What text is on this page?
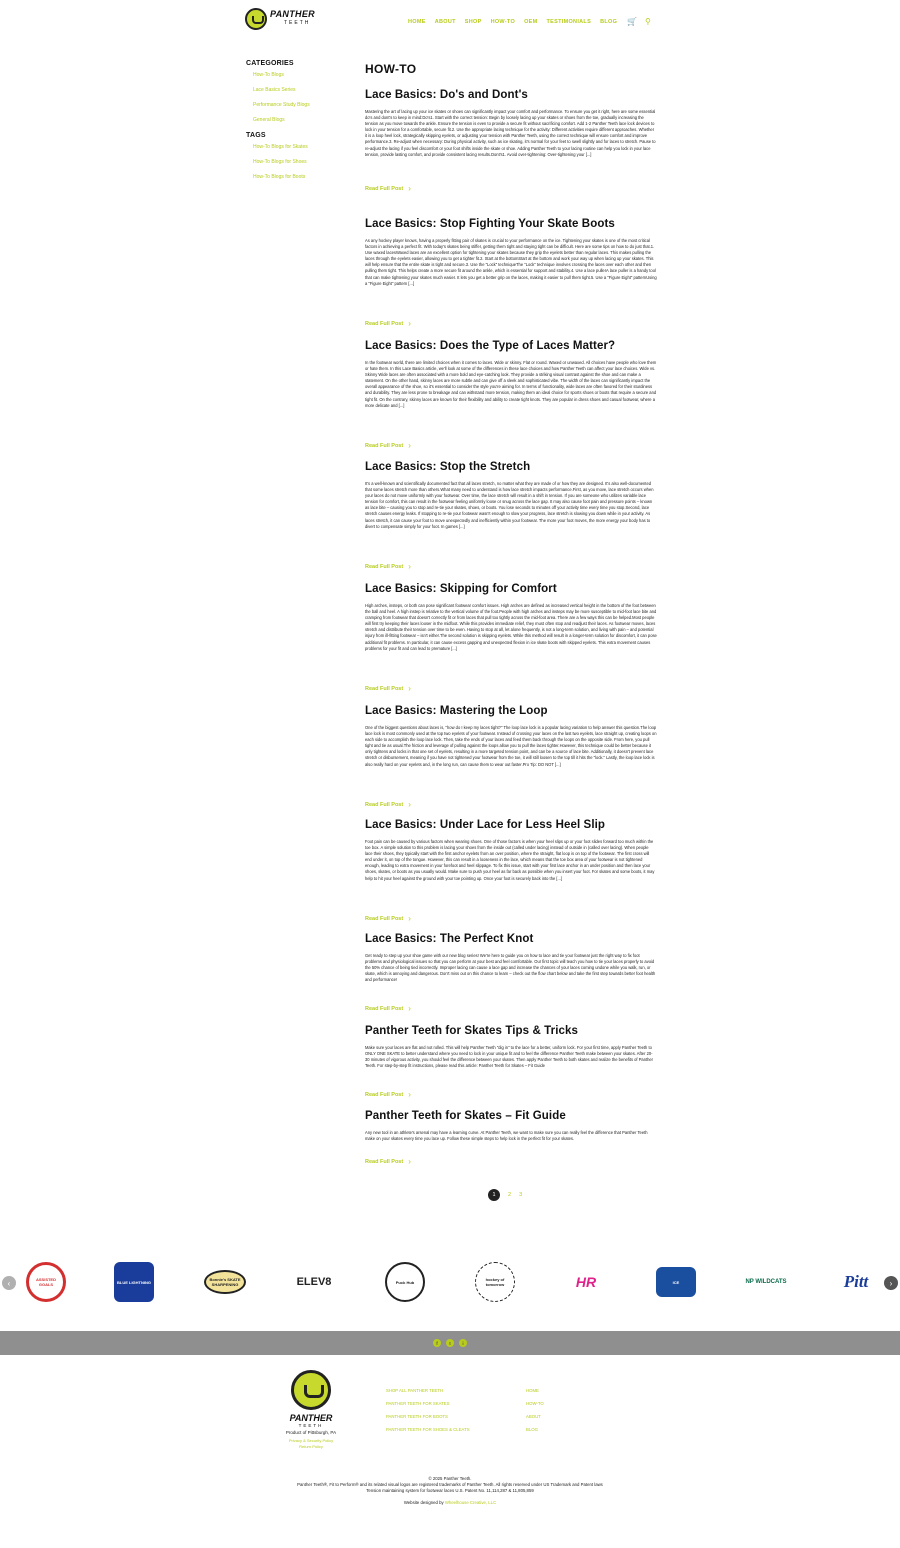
PANTHER
TEETH	HOME ABOUT SHOP HOW-TO OEM TESTIMONIALS BLOG 🛒 ⚲
CATEGORIES
How-To Blogs
Lace Basics Series
Performance Study Blogs
General Blogs
TAGS
How-To Blogs for Skates
How-To Blogs for Shoes
How-To Blogs for Boots
HOW-TO
Lace Basics: Do's and Dont's

Mastering the art of lacing up your ice skates or shoes can significantly impact your comfort and performance. To ensure you get it right, here are some essential do's and dont's to keep in mind:Do's1. Start with the correct tension: Begin by loosely lacing up your skates or shoes from the toe, gradually increasing the tension as you move towards the ankle. Ensure the tension is even to provide a secure fit without sacrificing comfort. Add 1-2 Panther Teeth lace lock devices to lock in your tension for a comfortable, secure fit.2. Use the appropriate lacing technique for the activity: Different activities require different approaches. Whether it is a loop heel lock, strategically skipping eyelets, or adjusting your tension with Panther Teeth, using the correct technique will ensure comfort and improve performance.3. Re-adjust when necessary: During physical activity, such as ice skating, it's normal for your feet to swell slightly and for laces to stretch. Pause to re-adjust the lacing if you feel discomfort or your foot shifts inside the skate or shoe. Adding Panther Teeth to your lacing routine can help you lock in your lace tension, provide lasting comfort, and provide consistent lacing results.Dont's1. Avoid over-tightening: Over-tightening your [...]

Read Full Post ›
Lace Basics: Stop Fighting Your Skate Boots

As any hockey player knows, having a properly fitting pair of skates is crucial to your performance on the ice. Tightening your skates is one of the most critical factors in achieving a perfect fit. With today's skates being stiffer, getting them tight and staying tight can be difficult. Here are some tips on how to do just that.1. Use waxed lacesWaxed laces are an excellent option for tightening your skates because they grip the eyelets better than regular laces. This makes pulling the laces through the eyelets easier, allowing you to get a tighter fit.2. Start at the bottomStart at the bottom and work your way up when lacing up your skates. This will help ensure that the entire skate is tight and secure.3. Use the "Lock" techniqueThe "Lock" technique involves crossing the laces over each other and then pulling them tight. This helps create a more secure fit around the ankle, which is essential for support and stability.4. Use a lace pullerA lace puller is a handy tool that can make tightening your skates much easier. It lets you get a better grip on the laces, making it easier to pull them tight.5. Use a "Figure Eight" patternUsing a "Figure Eight" pattern [...]

Read Full Post ›
Lace Basics: Does the Type of Laces Matter?

In the footwear world, there are limited choices when it comes to laces. Wide or skinny. Flat or round. Waxed or unwaxed. All choices have people who love them or hate them. In this Lace Basics article, we'll look at some of the differences in these lace choices and how Panther Teeth can affect your lace choices. Wide vs. Skinny Wide laces are often associated with a more bold and eye-catching look. They provide a striking visual contrast against the shoe and can make a statement. On the other hand, skinny laces are more subtle and can give off a sleek and sophisticated vibe. The width of the laces can significantly impact the overall appearance of the shoe, so it's essential to consider the style you're aiming for. In terms of functionality, wide laces are often favored for their sturdiness and durability. They are less prone to breakage and can withstand more tension, making them an ideal choice for sports shoes or boots that require a secure and tight fit. On the contrary, skinny laces are known for their flexibility and ability to create tight knots. They are popular in dress shoes and casual footwear, where a more delicate and [...]

Read Full Post ›
Lace Basics: Stop the Stretch

It's a well-known and scientifically documented fact that all laces stretch, no matter what they are made of or how they are designed. It's also well-documented that some laces stretch more than others.What many need to understand is how lace stretch impacts performance.First, as you move, lace stretch occurs when your laces do not move uniformly with your footwear. Over time, the lace stretch will result in a shift in tension. If you are someone who utilizes variable lace tension for comfort, this can result in the footwear feeling uniformly loose or snug across the lace gap. It may also cause foot pain and pressure points – known as lace bite – causing you to stop and re-tie your skates, shoes, or boots. You lose seconds to minutes off your activity time every time you stop.Second, lace stretch causes energy leaks. If stopping to re-tie your footwear wasn't enough to slow your progress, lace stretch is slowing you down while in your activity. As laces stretch, it can cause your foot to move unexpectedly and inefficiently within your footwear. The more your foot moves, the more energy your body has to divert to compensate simply for your foot. In games [...]

Read Full Post ›
Lace Basics: Skipping for Comfort

High arches, insteps, or both can pose significant footwear comfort issues. High arches are defined as increased vertical height in the bottom of the foot between the ball and heel. A high instep is relative to the vertical volume of the foot.People with high arches and insteps may be more susceptible to mid-foot lace bite and cramping from footwear that doesn't correctly fit or from laces that pull too tightly across the mid-foot area. There are a few ways this can be helped.Most people will first try keeping their laces looser in the midfoot. While this provides immediate relief, they must often stop and readjust their laces. As footwear moves, laces stretch and distribute their tension over time to be even. Having to stop at all, let alone frequently, is not a long-term solution, and living with pain – and potential injury from ill-fitting footwear – isn't either.The second solution is skipping eyelets. While this method will result in a longer-term solution for discomfort, it can pose additional fit problems. In particular, it can cause excess gapping and unexpected flexion in ice skate boots with skipped eyelets. This extra movement causes problems for your fit and can lead to premature [...]

Read Full Post ›
Lace Basics: Mastering the Loop

One of the biggest questions about laces is, "how do I keep my laces tight?" The loop lace lock is a popular lacing variation to help answer this question.The loop lace lock is most commonly used at the top two eyelets of your footwear. Instead of crossing your laces on the last two eyelets, lace straight up, creating loops on each side to accomplish the loop lace lock. Then, take the ends of your laces and feed them back through the loops on the opposite side. From here, you pull tight and tie as usual.The friction and leverage of pulling against the loops allow you to pull the laces tighter.However, this technique could be better because it only tightens and locks in that one set of eyelets, resulting in a more targeted tension point, and can be a source of lace bite. Additionally, it doesn't prevent lace stretch or disbursement, meaning if you have not tightened your footwear from the toe, it will still loosen to the top till it hits the "lock." Lastly, the loop lace lock is also really hard on your eyelets and, in the long run, can cause them to wear out faster.Pro Tip: DO NOT [...]

Read Full Post ›
Lace Basics: Under Lace for Less Heel Slip

Foot pain can be caused by various factors when wearing shoes. One of those factors is when your heel slips up or your foot slides forward too much within the toe box. A simple solution to this problem is lacing your shoes from the inside out (called under lacing) instead of outside in (called over lacing). When people lace their shoes, they typically start with the first anchor eyelets from an over position, where the straight, flat loop is on top of the footwear. The first cross will end under it, on top of the tongue. However, this can result in a looseness in the lace, which means that the toe box area of your footwear is not tightened enough, leading to extra movement in your forefoot and heel slippage. To fix this issue, start with your first lace anchor in an under position and then lace your shoes, skates, or boots as you usually would. Make sure to push your heel as far back as possible when you insert your foot. For skates and some boots, it may help to hit your heel against the ground with your toe pointing up. Once your foot is securely back into the [...]

Read Full Post ›
Lace Basics: The Perfect Knot

Get ready to step up your shoe game with our new blog series! We're here to guide you on how to lace and tie your footwear just the right way to fix foot problems and physiological issues so that you can perform at your best and feel comfortable. Our first topic will teach you how to tie your laces properly to avoid the 50% chance of being tied incorrectly. Improper lacing can cause a lace gap and increase the chances of your laces coming undone while you walk, run, or skate, which is annoying and dangerous. Don't miss out on this chance to learn – check out the flow chart below and take the first step towards better foot health and performance!

Read Full Post ›
Panther Teeth for Skates Tips & Tricks

Make sure your laces are flat and not rolled. This will help Panther Teeth "dig in" to the lace for a better, uniform lock. For your first time, apply Panther Teeth to ONLY ONE SKATE to better understand where you need to lock in your unique fit and to feel the difference Panther Teeth make between your skates. After 20-30 minutes of vigorous activity, you should feel the difference between your skates. Then apply Panther Teeth to both skates and realize the benefits of Panther Teeth. For step-by-step fit instructions, please read this article: Panther Teeth for Skates – Fit Guide

Read Full Post ›
Panther Teeth for Skates – Fit Guide

Any new tool in an athlete's arsenal may have a learning curve. At Panther Teeth, we want to make sure you can really feel the difference that Panther Teeth make on your skates every time you lace up. Follow these simple steps to help lock in the perfect fit for your skates.

Read Full Post ›
1	2 3
‹	ASSISTED GOALS	BLUE LIGHTNING	Bonnie's SKATE SHARPENING	ELEV8	Puck Hub	hockey of tomorrow	HR	ICE	NP WILDCATS	Pitt	›
f	t	i
PANTHER
TEETH
Product of Pittsburgh, PA
Privacy & Security Policy
Return Policy
SHOP ALL PANTHER TEETH
PANTHER TEETH FOR SKATES
PANTHER TEETH FOR BOOTS
PANTHER TEETH FOR SHOES & CLEATS
HOME
HOW-TO
ABOUT
BLOG
© 2025 Panther Teeth.
Panther Teeth®, Fit to Perform® and its related visual logos are registered trademarks of Panther Teeth. All rights reserved under US Trademark and Patent laws
Tension maintaining system for footwear laces U.S. Patent No. 11,114,287 & 11,805,859
Website designed by Wheelhouse Creative, LLC
